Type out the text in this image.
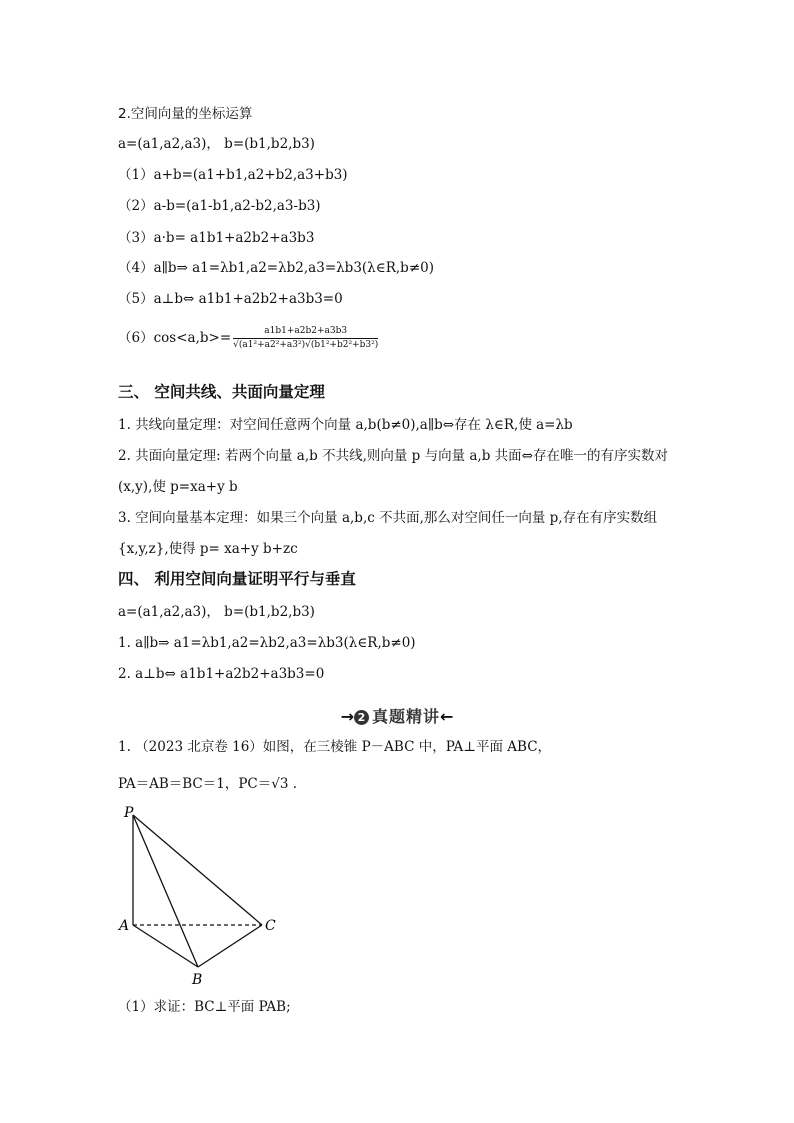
2.空间向量的坐标运算
a=(a1,a2,a3)， b=(b1,b2,b3)
（1）a+b=(a1+b1,a2+b2,a3+b3)
（2）a-b=(a1-b1,a2-b2,a3-b3)
（3）a·b= a1b1+a2b2+a3b3
（4）a∥b⇒ a1=λb1,a2=λb2,a3=λb3(λ∈R,b≠0)
（5）a⊥b⇔ a1b1+a2b2+a3b3=0
$(6)\cos<a,b>= \frac{a1b1+a2b2+a3b3}{\text{√(a1²+a2²+a3²)√(b1²+b2²+b3²)}}$
三、 空间共线、共面向量定理
1. 共线向量定理：对空间任意两个向量 a,b(b≠0),a∥b⇔存在 λ∈R,使 a=λb
2. 共面向量定理: 若两个向量 a,b 不共线,则向量 p 与向量 a,b 共面⇔存在唯一的有序实数对
(x,y),使 p=xa+y b
3. 空间向量基本定理：如果三个向量 a,b,c 不共面,那么对空间任一向量 p,存在有序实数组
{x,y,z},使得 p= xa+y b+zc
四、 利用空间向量证明平行与垂直
a=(a1,a2,a3)， b=(b1,b2,b3)
1. a∥b⇒ a1=λb1,a2=λb2,a3=λb3(λ∈R,b≠0)
2. a⊥b⇔ a1b1+a2b2+a3b3=0
→ 2 真题精讲←
1. （2023 北京卷 16）如图，在三棱锥 P－ABC 中，PA⊥平面 ABC，
PA＝AB＝BC＝1，PC＝√3 .
P
A
B
C
（1）求证：BC⊥平面 PAB;
